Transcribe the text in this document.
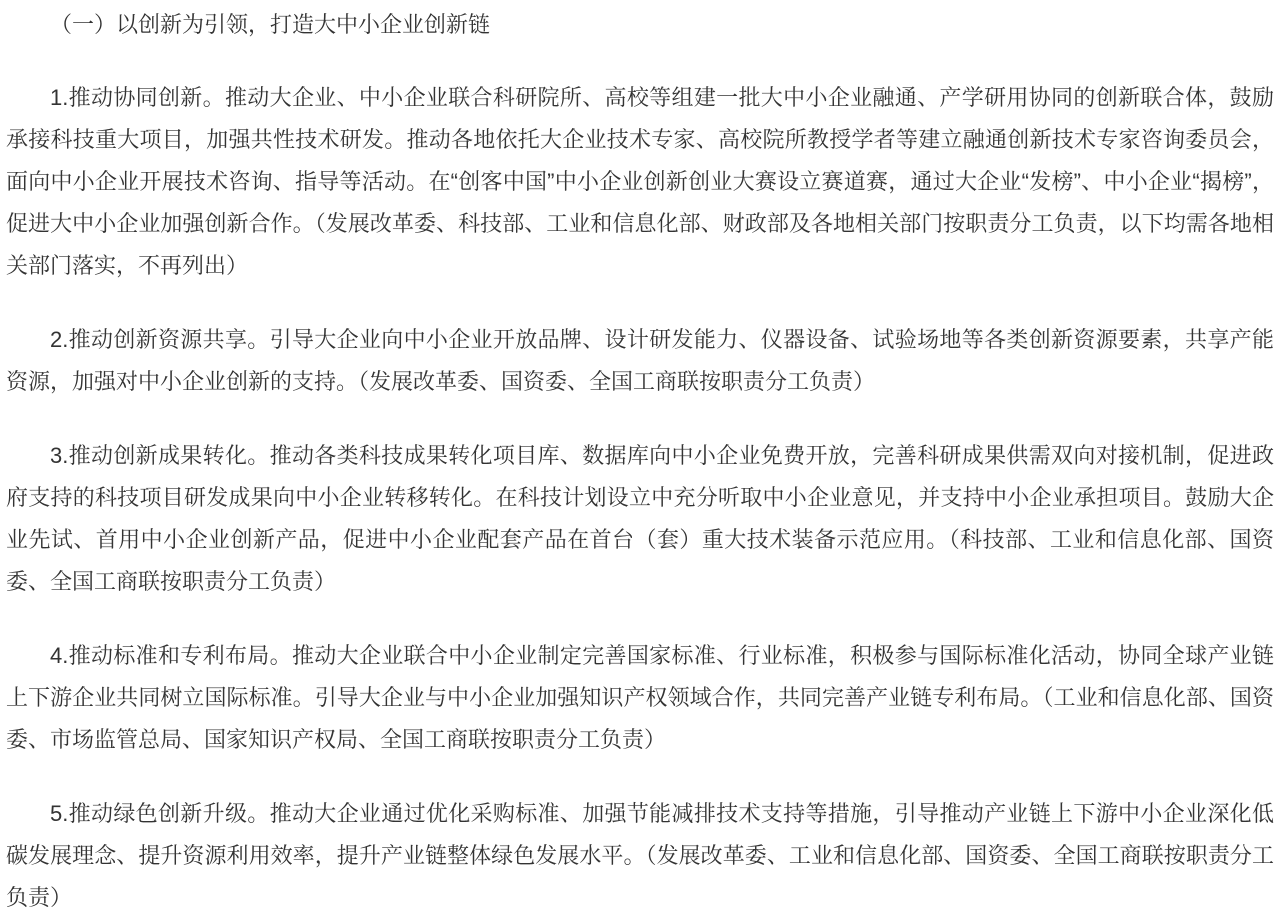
（一）以创新为引领，打造大中小企业创新链

1.推动协同创新。推动大企业、中小企业联合科研院所、高校等组建一批大中小企业融通、产学研用协同的创新联合体，鼓励承接科技重大项目，加强共性技术研发。推动各地依托大企业技术专家、高校院所教授学者等建立融通创新技术专家咨询委员会，面向中小企业开展技术咨询、指导等活动。在“创客中国”中小企业创新创业大赛设立赛道赛，通过大企业“发榜”、中小企业“揭榜”，促进大中小企业加强创新合作。（发展改革委、科技部、工业和信息化部、财政部及各地相关部门按职责分工负责，以下均需各地相关部门落实，不再列出）

2.推动创新资源共享。引导大企业向中小企业开放品牌、设计研发能力、仪器设备、试验场地等各类创新资源要素，共享产能资源，加强对中小企业创新的支持。（发展改革委、国资委、全国工商联按职责分工负责）

3.推动创新成果转化。推动各类科技成果转化项目库、数据库向中小企业免费开放，完善科研成果供需双向对接机制，促进政府支持的科技项目研发成果向中小企业转移转化。在科技计划设立中充分听取中小企业意见，并支持中小企业承担项目。鼓励大企业先试、首用中小企业创新产品，促进中小企业配套产品在首台（套）重大技术装备示范应用。（科技部、工业和信息化部、国资委、全国工商联按职责分工负责）

4.推动标准和专利布局。推动大企业联合中小企业制定完善国家标准、行业标准，积极参与国际标准化活动，协同全球产业链上下游企业共同树立国际标准。引导大企业与中小企业加强知识产权领域合作，共同完善产业链专利布局。（工业和信息化部、国资委、市场监管总局、国家知识产权局、全国工商联按职责分工负责）

5.推动绿色创新升级。推动大企业通过优化采购标准、加强节能减排技术支持等措施，引导推动产业链上下游中小企业深化低碳发展理念、提升资源利用效率，提升产业链整体绿色发展水平。（发展改革委、工业和信息化部、国资委、全国工商联按职责分工负责）
